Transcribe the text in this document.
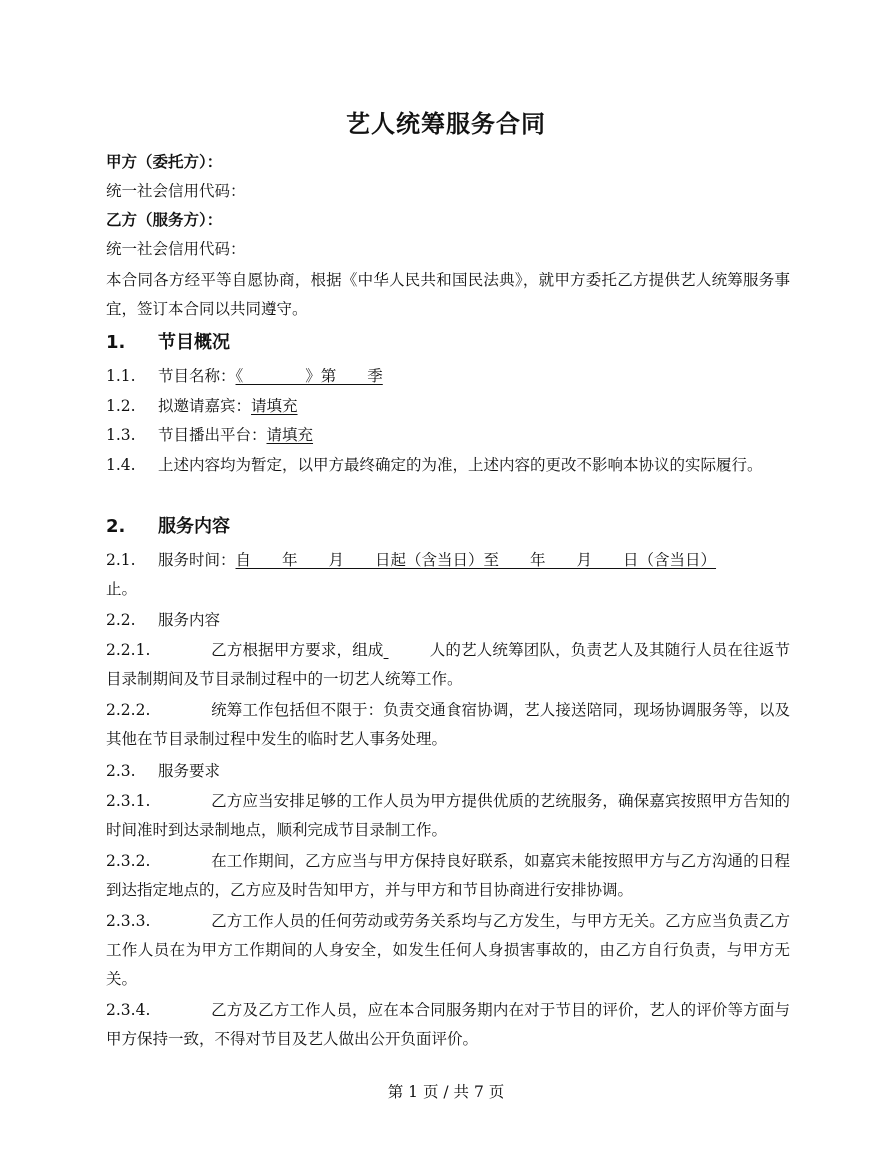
艺人统筹服务合同
甲方（委托方）：
统一社会信用代码：
乙方（服务方）：
统一社会信用代码：
本合同各方经平等自愿协商，根据《中华人民共和国民法典》，就甲方委托乙方提供艺人统筹服务事宜，签订本合同以共同遵守。
1. 节目概况
1.1. 节目名称：《　　　　》第　　季
1.2. 拟邀请嘉宾：请填充
1.3. 节目播出平台：请填充
1.4. 上述内容均为暂定，以甲方最终确定的为准，上述内容的更改不影响本协议的实际履行。
2. 服务内容
2.1. 服务时间：自　　年　　月　　日起（含当日）至　　年　　月　　日（含当日）
止。
2.2. 服务内容
2.2.1.	乙方根据甲方要求，组成	人的艺人统筹团队，负责艺人及其随行人员在往返节目录制期间及节目录制过程中的一切艺人统筹工作。
2.2.2.	统筹工作包括但不限于：负责交通食宿协调，艺人接送陪同，现场协调服务等，以及其他在节目录制过程中发生的临时艺人事务处理。
2.3. 服务要求
2.3.1.	乙方应当安排足够的工作人员为甲方提供优质的艺统服务，确保嘉宾按照甲方告知的时间准时到达录制地点，顺利完成节目录制工作。
2.3.2.	在工作期间，乙方应当与甲方保持良好联系，如嘉宾未能按照甲方与乙方沟通的日程到达指定地点的，乙方应及时告知甲方，并与甲方和节目协商进行安排协调。
2.3.3.	乙方工作人员的任何劳动或劳务关系均与乙方发生，与甲方无关。乙方应当负责乙方工作人员在为甲方工作期间的人身安全，如发生任何人身损害事故的，由乙方自行负责，与甲方无关。
2.3.4.	乙方及乙方工作人员，应在本合同服务期内在对于节目的评价，艺人的评价等方面与甲方保持一致，不得对节目及艺人做出公开负面评价。
第 1 页 / 共 7 页
